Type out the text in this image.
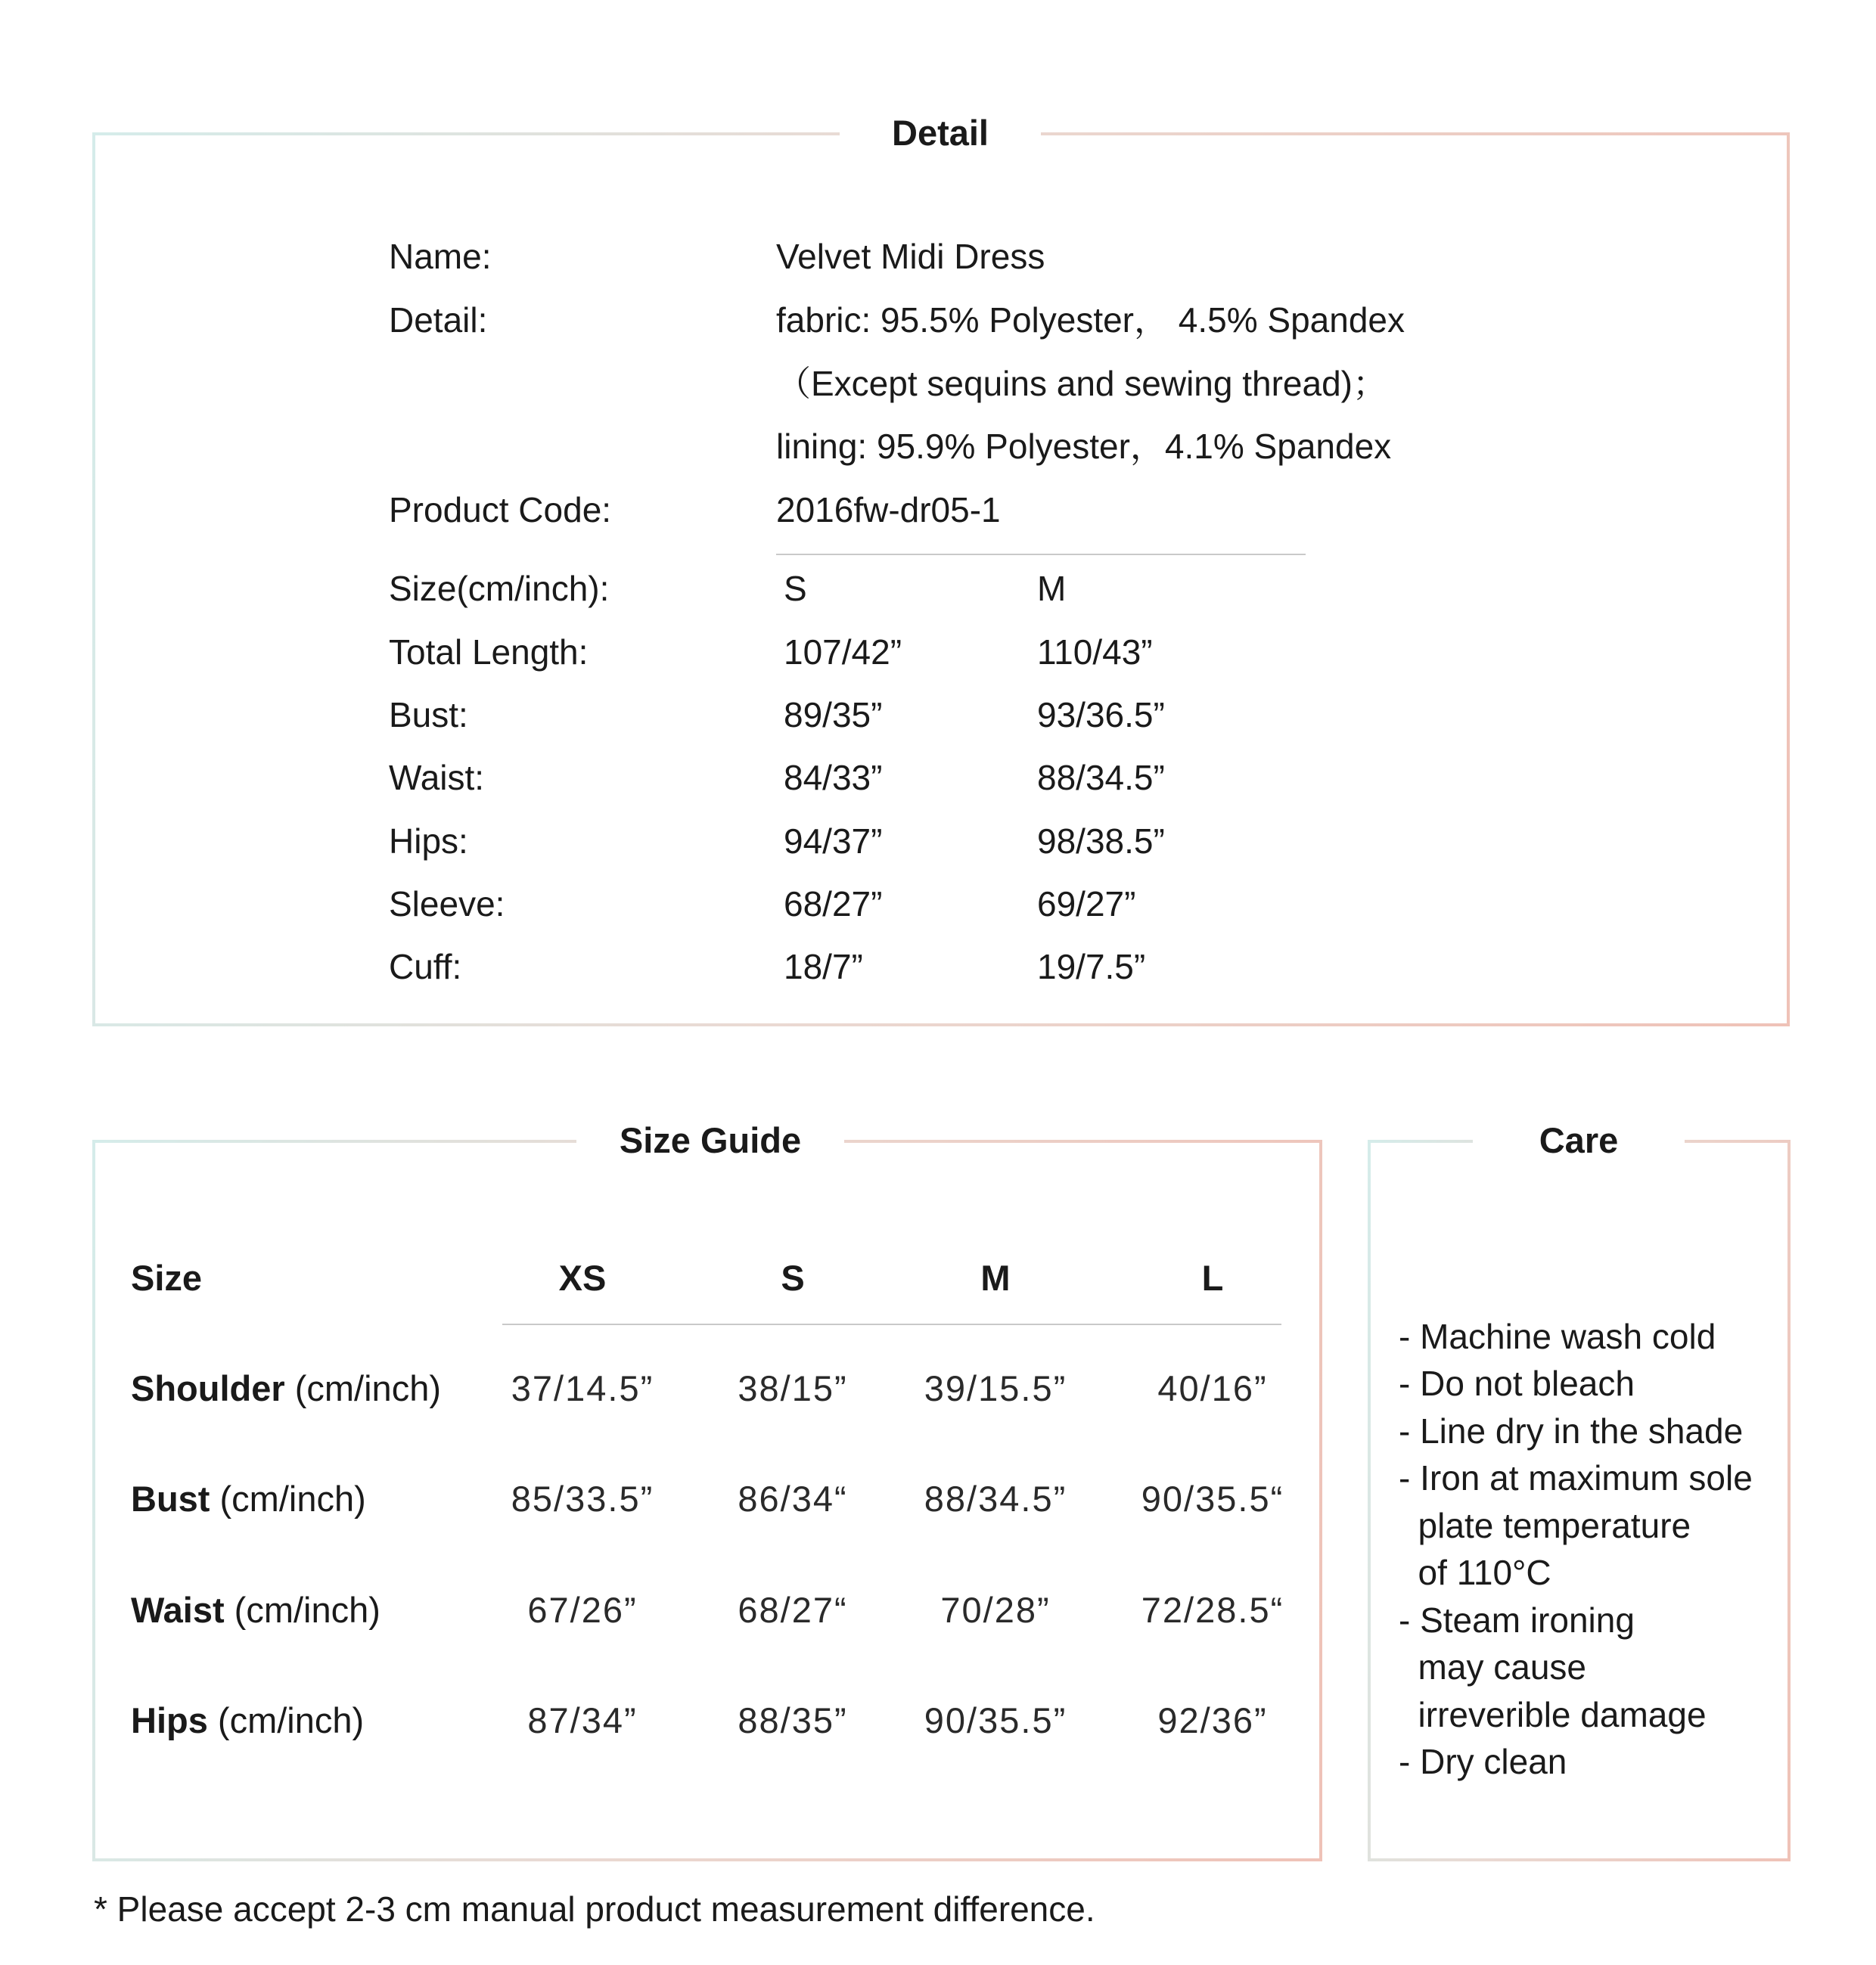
Detail
Name:	Velvet Midi Dress
Detail:	fabric: 95.5% Polyester， 4.5% Spandex
（Except sequins and sewing thread)；
lining: 95.9% Polyester，4.1% Spandex
Product Code:	2016fw-dr05-1
Size(cm/inch):	S	M
Total Length:	107/42”	110/43”
Bust:	89/35”	93/36.5”
Waist:	84/33”	88/34.5”
Hips:	94/37”	98/38.5”
Sleeve:	68/27”	69/27”
Cuff:	18/7”	19/7.5”
Size Guide
Size	XS	S	M	L
Shoulder (cm/inch)	37/14.5”	38/15”	39/15.5”	40/16”
Bust (cm/inch)	85/33.5”	86/34“	88/34.5”	90/35.5“
Waist (cm/inch)	67/26”	68/27“	70/28”	72/28.5“
Hips (cm/inch)	87/34”	88/35”	90/35.5”	92/36”
Care
- Machine wash cold
- Do not bleach
- Line dry in the shade
- Iron at maximum sole
plate temperature
of 110°C
- Steam ironing
may cause
irreverible damage
- Dry clean
* Please accept 2-3 cm manual product measurement difference.
